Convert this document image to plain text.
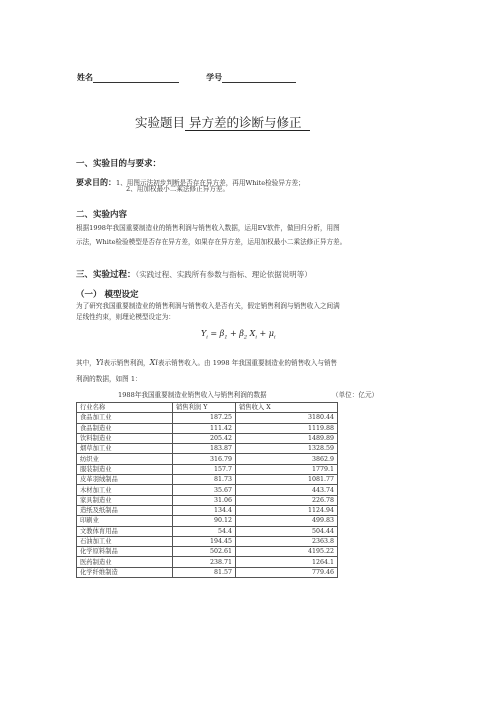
姓名	学号
实验题目 异方差的诊断与修正
一、实验目的与要求：
要求目的：1、用图示法初步判断是否存在异方差，再用White检验异方差；
2、用加权最小二乘法修正异方差。
二、实验内容
根据1998年我国重要制造业的销售利润与销售收入数据，运用EV软件，做回归分析，用图
示法，White检验模型是否存在异方差，如果存在异方差，运用加权最小二乘法修正异方差。
三、实验过程：（实践过程、实践所有参数与指标、理论依据说明等）
（一） 模型设定
为了研究我国重要制造业的销售利润与销售收入是否有关，假定销售利润与销售收入之间满
足线性约束，则理论模型设定为：
$Y_i = \beta_1 + \beta_2$ $X_i + \mu_i$
其中，Yi表示销售利润，Xi表示销售收入。由 1998 年我国重要制造业的销售收入与销售
利润的数据，如图 1：
1988年我国重要制造业销售收入与销售利润的数据	（单位：亿元）
行业名称	销售利润 Y	销售收入 X
食品加工业	187.25	3180.44
食品制造业	111.42	1119.88
饮料制造业	205.42	1489.89
烟草加工业	183.87	1328.59
纺织业	316.79	3862.9
服装制造业	157.7	1779.1
皮革羽绒制品	81.73	1081.77
木材加工业	35.67	443.74
家具制造业	31.06	226.78
造纸及纸制品	134.4	1124.94
印刷业	90.12	499.83
文教体育用品	54.4	504.44
石油加工业	194.45	2363.8
化学原料制品	502.61	4195.22
医药制造业	238.71	1264.1
化学纤维制造	81.57	779.46
